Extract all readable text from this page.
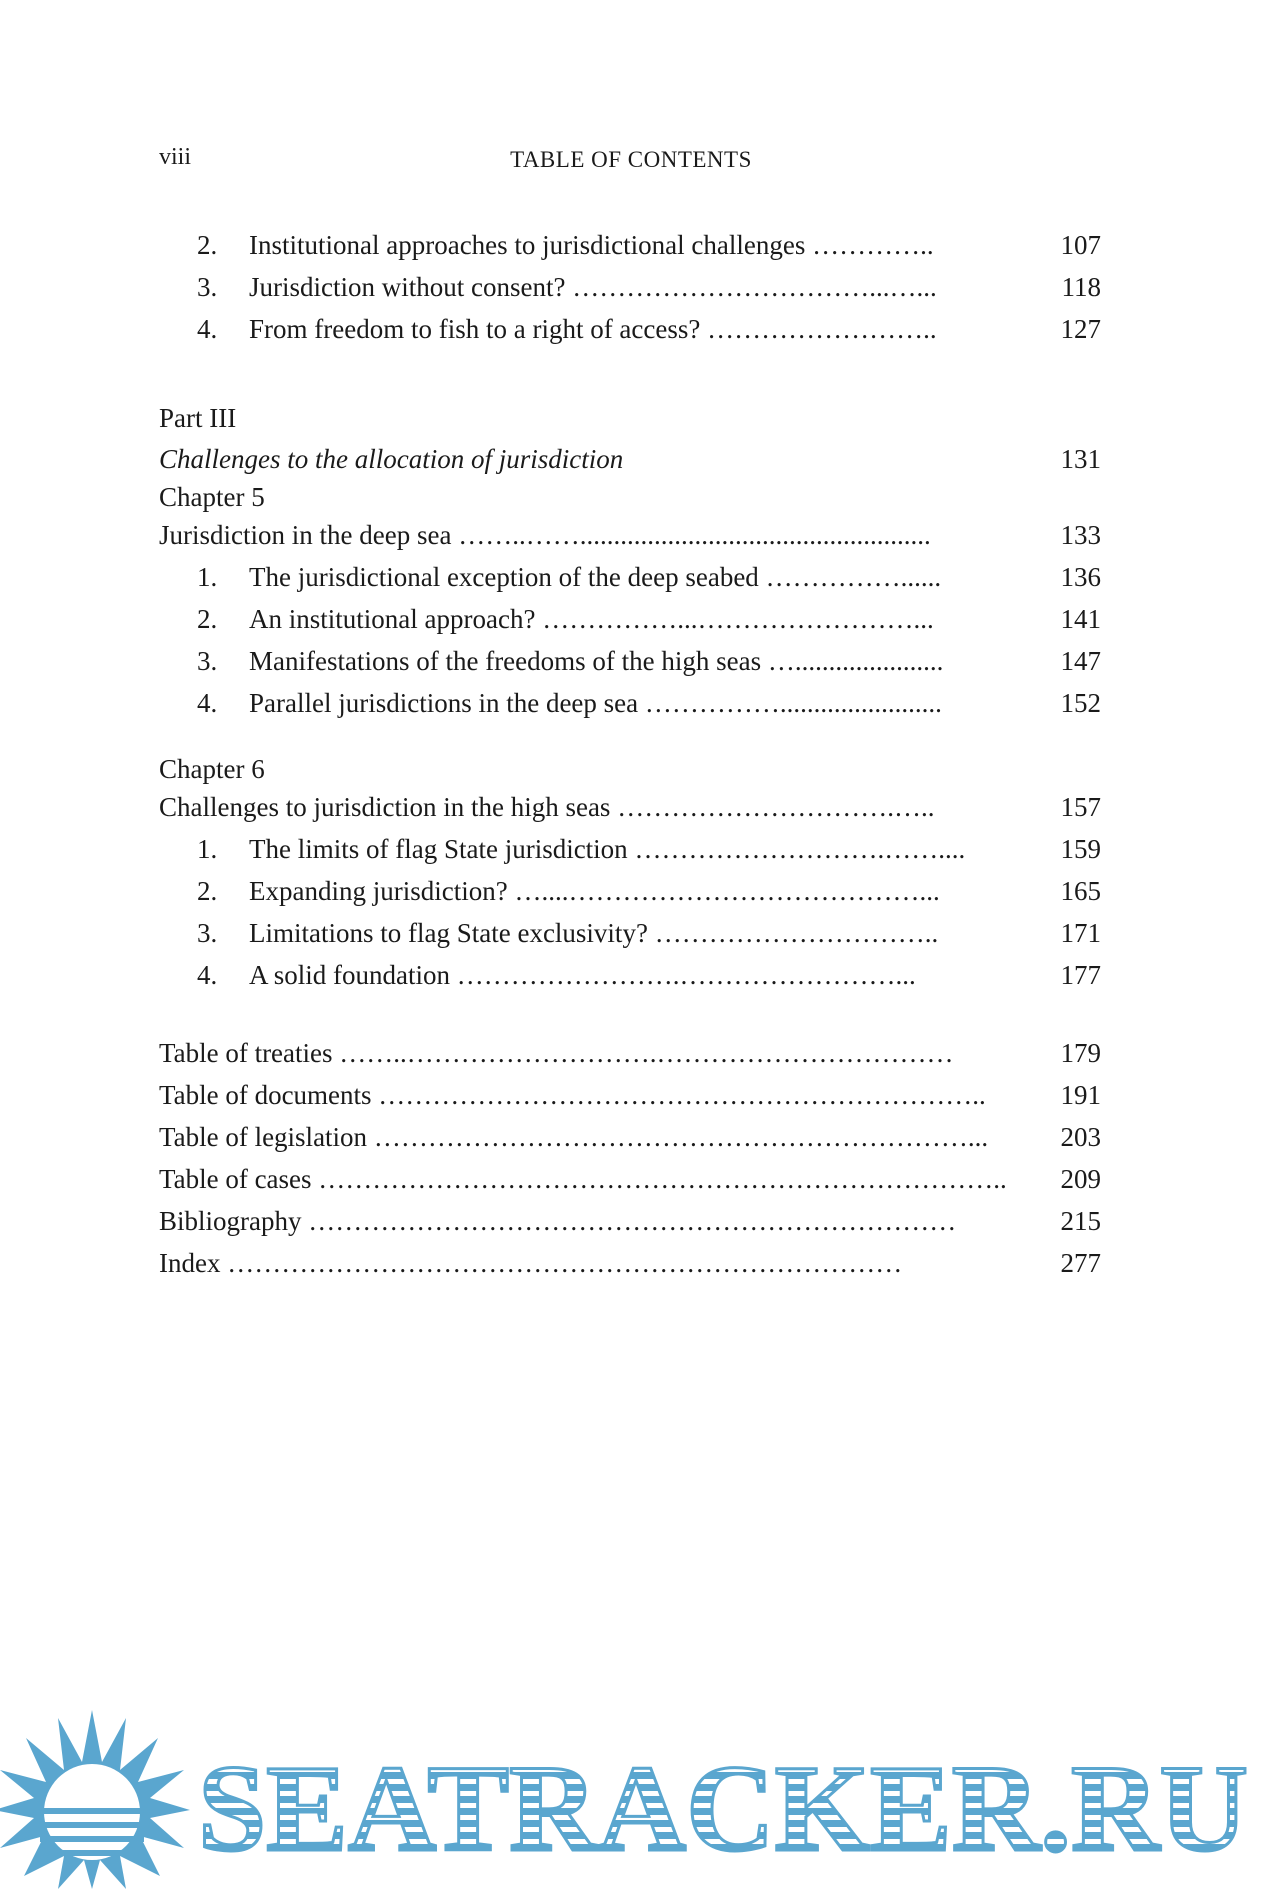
viii	TABLE OF CONTENTS
2. Institutional approaches to jurisdictional challenges …………..	107
3. Jurisdiction without consent? ……………………………...…...	118
4. From freedom to fish to a right of access? ……………………..	127
Part III
Challenges to the allocation of jurisdiction	131
Chapter 5
Jurisdiction in the deep sea ……..……....................................................	133
1. The jurisdictional exception of the deep seabed ……………......	136
2. An institutional approach? ……………...……………………...	141
3. Manifestations of the freedoms of the high seas …......................	147
4. Parallel jurisdictions in the deep sea ……………........................	152
Chapter 6
Challenges to jurisdiction in the high seas ………………………….…..	157
1. The limits of flag State jurisdiction ……………………….……....	159
2. Expanding jurisdiction? …....…………………………………...	165
3. Limitations to flag State exclusivity? …………………………..	171
4. A solid foundation …………………….……………………...	177
Table of treaties ……..……………………….……………………………	179
Table of documents …………………………………………………………..	191
Table of legislation …………………………………………………………...	203
Table of cases …………………………………………………………………..	209
Bibliography ………………………………………………………………	215
Index …………………………………………………………………	277
SEATRACKER.RU
